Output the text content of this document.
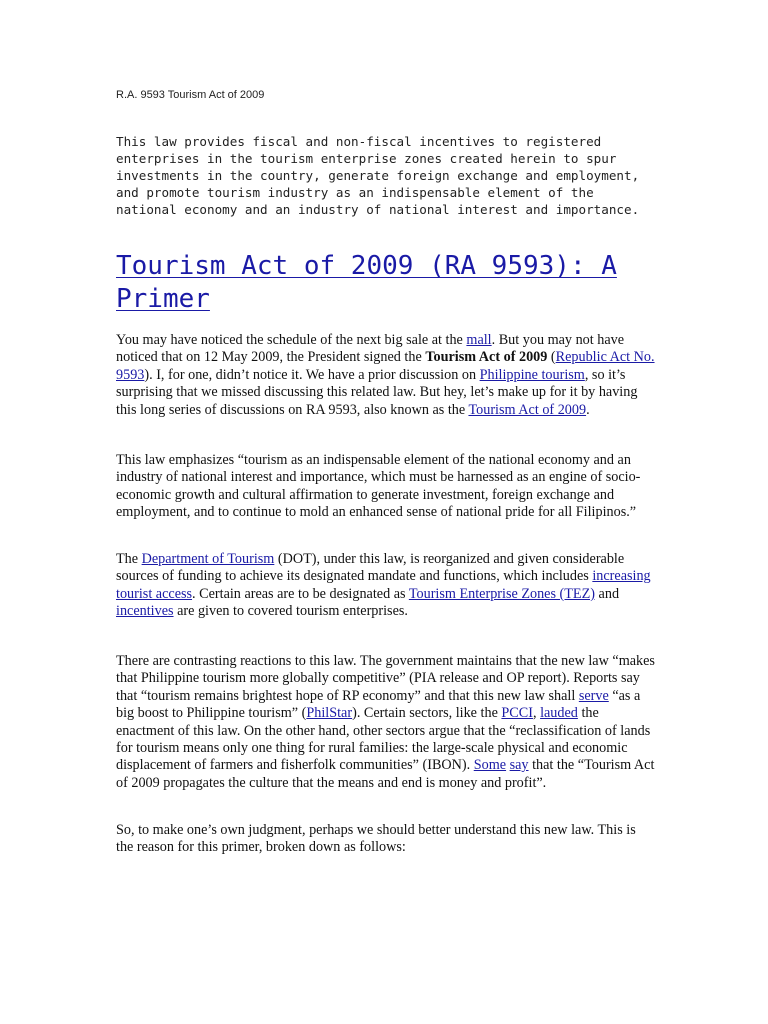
R.A. 9593 Tourism Act of 2009

This law provides fiscal and non-fiscal incentives to registered
enterprises in the tourism enterprise zones created herein to spur
investments in the country, generate foreign exchange and employment,
and promote tourism industry as an indispensable element of the
national economy and an industry of national interest and importance.

Tourism Act of 2009 (RA 9593): A Primer

You may have noticed the schedule of the next big sale at the mall. But you may not have noticed that on 12 May 2009, the President signed the Tourism Act of 2009 (Republic Act No. 9593). I, for one, didn’t notice it. We have a prior discussion on Philippine tourism, so it’s surprising that we missed discussing this related law. But hey, let’s make up for it by having this long series of discussions on RA 9593, also known as the Tourism Act of 2009.

This law emphasizes “tourism as an indispensable element of the national economy and an industry of national interest and importance, which must be harnessed as an engine of socio-economic growth and cultural affirmation to generate investment, foreign exchange and employment, and to continue to mold an enhanced sense of national pride for all Filipinos.”

The Department of Tourism (DOT), under this law, is reorganized and given considerable sources of funding to achieve its designated mandate and functions, which includes increasing tourist access. Certain areas are to be designated as Tourism Enterprise Zones (TEZ) and incentives are given to covered tourism enterprises.

There are contrasting reactions to this law. The government maintains that the new law “makes that Philippine tourism more globally competitive” (PIA release and OP report). Reports say that “tourism remains brightest hope of RP economy” and that this new law shall serve “as a big boost to Philippine tourism” (PhilStar). Certain sectors, like the PCCI, lauded the enactment of this law. On the other hand, other sectors argue that the “reclassification of lands for tourism means only one thing for rural families: the large-scale physical and economic displacement of farmers and fisherfolk communities” (IBON). Some say that the “Tourism Act of 2009 propagates the culture that the means and end is money and profit”.

So, to make one’s own judgment, perhaps we should better understand this new law. This is the reason for this primer, broken down as follows:
